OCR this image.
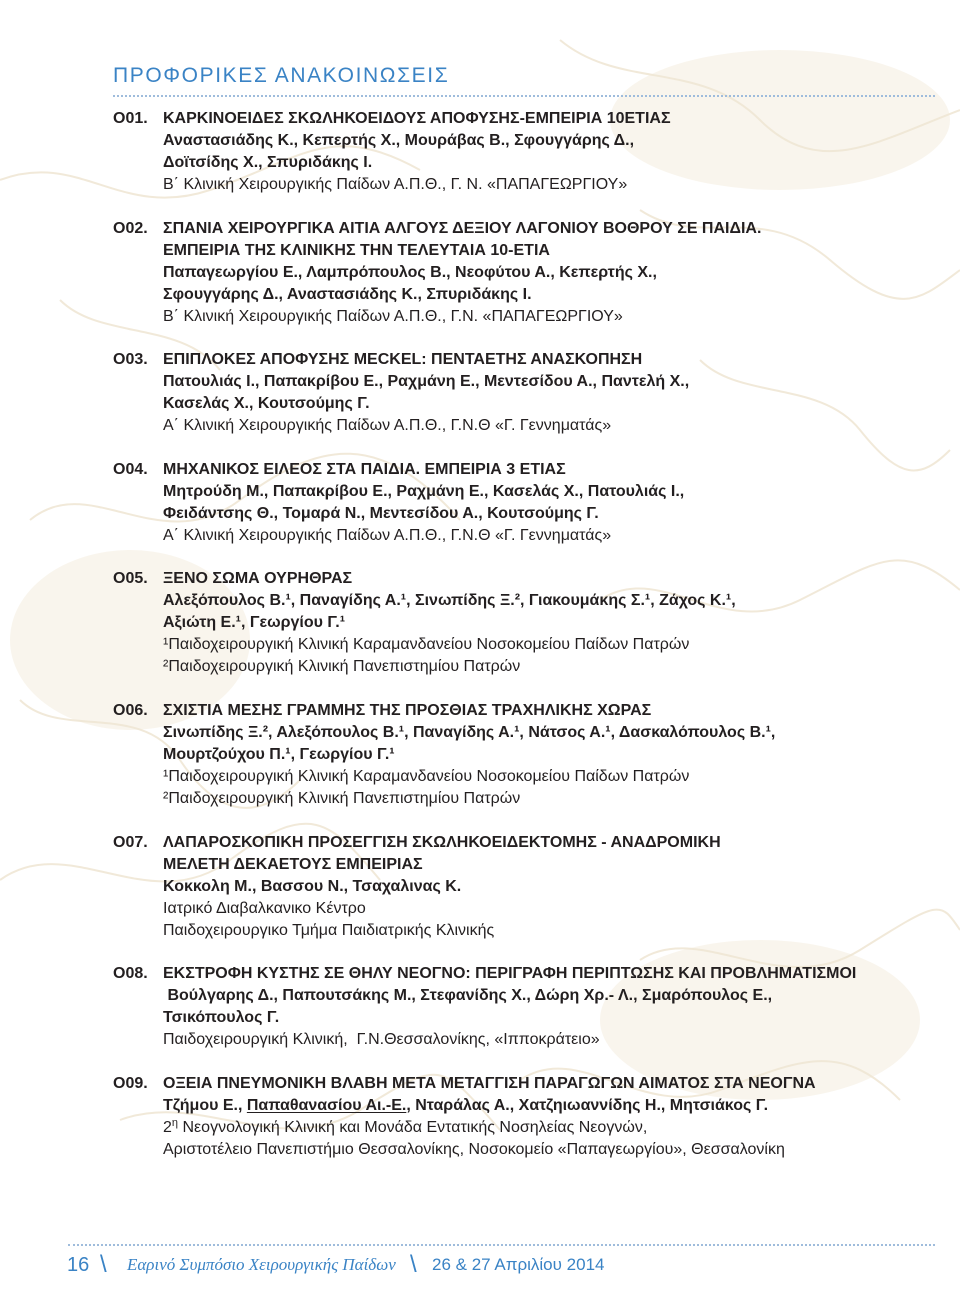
ΠΡΟΦΟΡΙΚΕΣ ΑΝΑΚΟΙΝΩΣΕΙΣ
O01. ΚΑΡΚΙΝΟΕΙΔΕΣ ΣΚΩΛΗΚΟΕΙΔΟΥΣ ΑΠΟΦΥΣΗΣ-ΕΜΠΕΙΡΙΑ 10ΕΤΙΑΣ
Αναστασιάδης Κ., Κεπερτής Χ., Μουράβας Β., Σφουγγάρης Δ.,
Δοϊτσίδης Χ., Σπυριδάκης Ι.
Β΄ Κλινική Χειρουργικής Παίδων Α.Π.Θ., Γ. Ν. «ΠΑΠΑΓΕΩΡΓΙΟΥ»
O02. ΣΠΑΝΙΑ ΧΕΙΡΟΥΡΓΙΚΑ ΑΙΤΙΑ ΑΛΓΟΥΣ ΔΕΞΙΟΥ ΛΑΓΟΝΙΟΥ ΒΟΘΡΟΥ ΣΕ ΠΑΙΔΙΑ.
ΕΜΠΕΙΡΙΑ ΤΗΣ ΚΛΙΝΙΚΗΣ ΤΗΝ ΤΕΛΕΥΤΑΙΑ 10-ΕΤΙΑ
Παπαγεωργίου Ε., Λαμπρόπουλος Β., Νεοφύτου Α., Κεπερτής Χ.,
Σφουγγάρης Δ., Αναστασιάδης Κ., Σπυριδάκης Ι.
Β΄ Κλινική Χειρουργικής Παίδων Α.Π.Θ., Γ.Ν. «ΠΑΠΑΓΕΩΡΓΙΟΥ»
O03. ΕΠΙΠΛΟΚΕΣ ΑΠΟΦΥΣΗΣ MECKEL: ΠΕΝΤΑΕΤΗΣ ΑΝΑΣΚΟΠΗΣΗ
Πατουλιάς Ι., Παπακρίβου Ε., Ραχμάνη Ε., Μεντεσίδου Α., Παντελή Χ.,
Κασελάς Χ., Κουτσούμης Γ.
Α΄ Κλινική Χειρουργικής Παίδων Α.Π.Θ., Γ.Ν.Θ «Γ. Γεννηματάς»
O04. ΜΗΧΑΝΙΚΟΣ ΕΙΛΕΟΣ ΣΤΑ ΠΑΙΔΙΑ. ΕΜΠΕΙΡΙΑ 3 ΕΤΙΑΣ
Μητρούδη Μ., Παπακρίβου Ε., Ραχμάνη Ε., Κασελάς Χ., Πατουλιάς Ι.,
Φειδάντσης Θ., Τομαρά Ν., Μεντεσίδου Α., Κουτσούμης Γ.
Α΄ Κλινική Χειρουργικής Παίδων Α.Π.Θ., Γ.Ν.Θ «Γ. Γεννηματάς»
O05. ΞΕΝΟ ΣΩΜΑ ΟΥΡΗΘΡΑΣ
Αλεξόπουλος Β.¹, Παναγίδης Α.¹, Σινωπίδης Ξ.², Γιακουμάκης Σ.¹, Ζάχος Κ.¹,
Αξιώτη Ε.¹, Γεωργίου Γ.¹
¹Παιδοχειρουργική Κλινική Καραμανδανείου Νοσοκομείου Παίδων Πατρών
²Παιδοχειρουργική Κλινική Πανεπιστημίου Πατρών
O06. ΣΧΙΣΤΙΑ ΜΕΣΗΣ ΓΡΑΜΜΗΣ ΤΗΣ ΠΡΟΣΘΙΑΣ ΤΡΑΧΗΛΙΚΗΣ ΧΩΡΑΣ
Σινωπίδης Ξ.², Αλεξόπουλος Β.¹, Παναγίδης Α.¹, Νάτσος Α.¹, Δασκαλόπουλος Β.¹,
Μουρτζούχου Π.¹, Γεωργίου Γ.¹
¹Παιδοχειρουργική Κλινική Καραμανδανείου Νοσοκομείου Παίδων Πατρών
²Παιδοχειρουργική Κλινική Πανεπιστημίου Πατρών
O07. ΛΑΠΑΡΟΣΚΟΠΙΚΗ ΠΡΟΣΕΓΓΙΣΗ ΣΚΩΛΗΚΟΕΙΔΕΚΤΟΜΗΣ - ΑΝΑΔΡΟΜΙΚΗ
ΜΕΛΕΤΗ ΔΕΚΑΕΤΟΥΣ ΕΜΠΕΙΡΙΑΣ
Κοκκολη Μ., Βασσου Ν., Τσαχαλινας Κ.
Ιατρικό Διαβαλκανικο Κέντρο
Παιδοχειρουργικο Τμήμα Παιδιατρικής Κλινικής
O08. ΕΚΣΤΡΟΦΗ ΚΥΣΤΗΣ ΣΕ ΘΗΛΥ ΝΕΟΓΝΟ: ΠΕΡΙΓΡΑΦΗ ΠΕΡΙΠΤΩΣΗΣ ΚΑΙ ΠΡΟΒΛΗΜΑΤΙΣΜΟΙ
Βούλγαρης Δ., Παπουτσάκης Μ., Στεφανίδης Χ., Δώρη Χρ.- Λ., Σμαρόπουλος Ε.,
Τσικόπουλος Γ.
Παιδοχειρουργική Κλινική,  Γ.Ν.Θεσσαλονίκης, «Ιπποκράτειο»
O09. ΟΞΕΙΑ ΠΝΕΥΜΟΝΙΚΗ ΒΛΑΒΗ ΜΕΤΑ ΜΕΤΑΓΓΙΣΗ ΠΑΡΑΓΩΓΩΝ ΑΙΜΑΤΟΣ ΣΤΑ ΝΕΟΓΝΑ
Τζήμου Ε., Παπαθανασίου Αι.-Ε., Νταράλας Α., Χατζηιωαννίδης Η., Μητσιάκος Γ.
$2^\eta$ Νεογνολογική Κλινική και Μονάδα Εντατικής Νοσηλείας Νεογνών,
Αριστοτέλειο Πανεπιστήμιο Θεσσαλονίκης, Νοσοκομείο «Παπαγεωργίου», Θεσσαλονίκη
16 \ Εαρινό Συμπόσιο Χειρουργικής Παίδων \ 26 & 27 Απριλίου 2014
